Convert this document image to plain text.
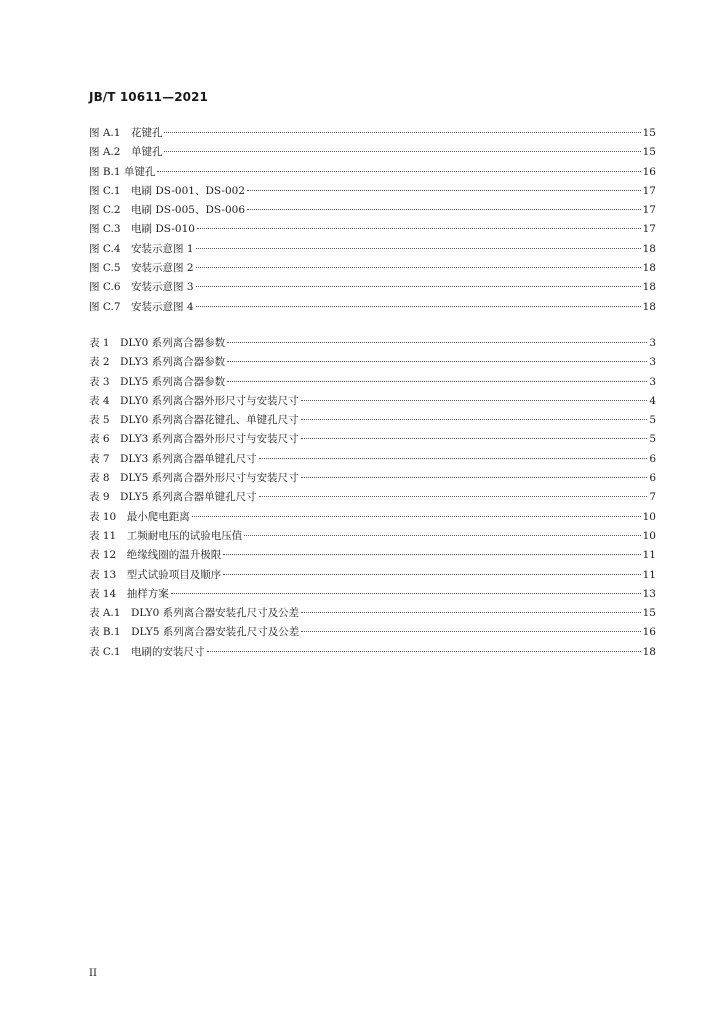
JB/T 10611—2021
图 A.1　花键孔	15
图 A.2　单键孔	15
图 B.1 单键孔	16
图 C.1　电刷 DS-001、DS-002	17
图 C.2　电刷 DS-005、DS-006	17
图 C.3　电刷 DS-010	17
图 C.4　安装示意图 1	18
图 C.5　安装示意图 2	18
图 C.6　安装示意图 3	18
图 C.7　安装示意图 4	18
表 1　DLY0 系列离合器参数	3
表 2　DLY3 系列离合器参数	3
表 3　DLY5 系列离合器参数	3
表 4　DLY0 系列离合器外形尺寸与安装尺寸	4
表 5　DLY0 系列离合器花键孔、单键孔尺寸	5
表 6　DLY3 系列离合器外形尺寸与安装尺寸	5
表 7　DLY3 系列离合器单键孔尺寸	6
表 8　DLY5 系列离合器外形尺寸与安装尺寸	6
表 9　DLY5 系列离合器单键孔尺寸	7
表 10　最小爬电距离	10
表 11　工频耐电压的试验电压值	10
表 12　绝缘线圈的温升极限	11
表 13　型式试验项目及顺序	11
表 14　抽样方案	13
表 A.1　DLY0 系列离合器安装孔尺寸及公差	15
表 B.1　DLY5 系列离合器安装孔尺寸及公差	16
表 C.1　电刷的安装尺寸	18
II
